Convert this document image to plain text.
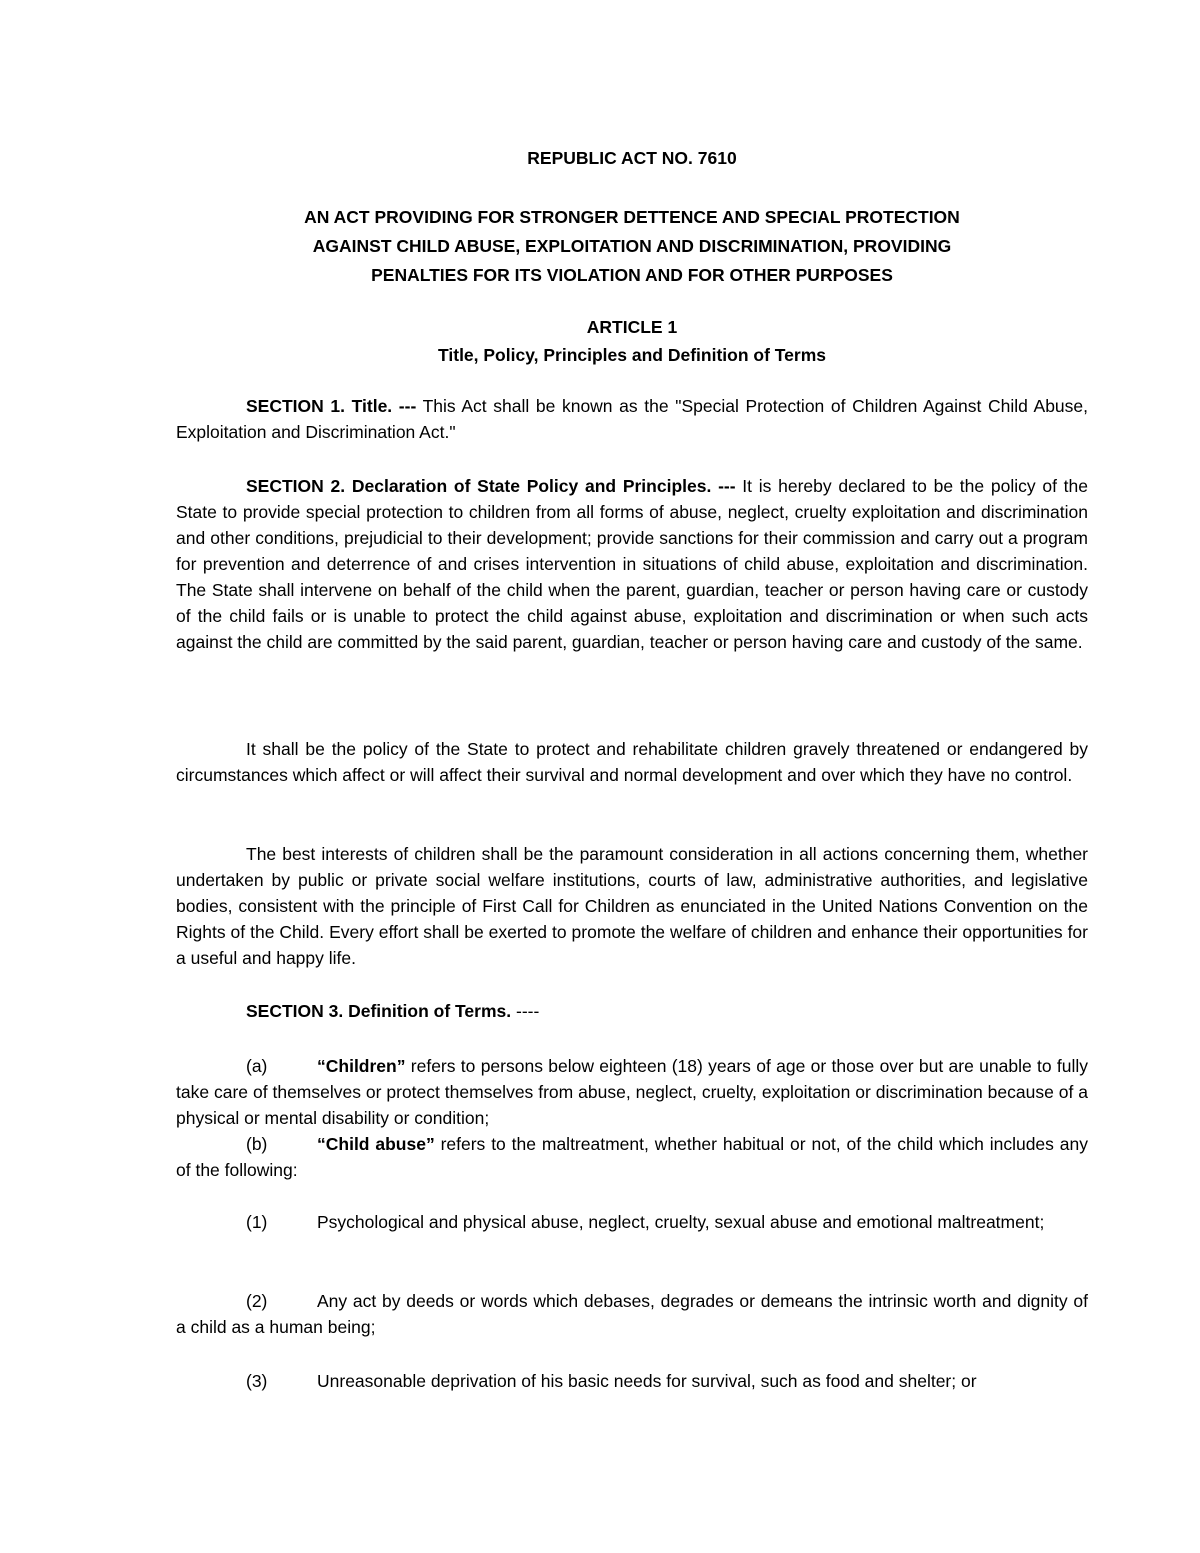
REPUBLIC ACT NO. 7610
AN ACT PROVIDING FOR STRONGER DETTENCE AND SPECIAL PROTECTION
AGAINST CHILD ABUSE, EXPLOITATION AND DISCRIMINATION, PROVIDING
PENALTIES FOR ITS VIOLATION AND FOR OTHER PURPOSES
ARTICLE 1
Title, Policy, Principles and Definition of Terms
SECTION 1. Title. --- This Act shall be known as the "Special Protection of Children Against Child Abuse, Exploitation and Discrimination Act."
SECTION 2. Declaration of State Policy and Principles. --- It is hereby declared to be the policy of the State to provide special protection to children from all forms of abuse, neglect, cruelty exploitation and discrimination and other conditions, prejudicial to their development; provide sanctions for their commission and carry out a program for prevention and deterrence of and crises intervention in situations of child abuse, exploitation and discrimination. The State shall intervene on behalf of the child when the parent, guardian, teacher or person having care or custody of the child fails or is unable to protect the child against abuse, exploitation and discrimination or when such acts against the child are committed by the said parent, guardian, teacher or person having care and custody of the same.
It shall be the policy of the State to protect and rehabilitate children gravely threatened or endangered by circumstances which affect or will affect their survival and normal development and over which they have no control.
The best interests of children shall be the paramount consideration in all actions concerning them, whether undertaken by public or private social welfare institutions, courts of law, administrative authorities, and legislative bodies, consistent with the principle of First Call for Children as enunciated in the United Nations Convention on the Rights of the Child. Every effort shall be exerted to promote the welfare of children and enhance their opportunities for a useful and happy life.
SECTION 3. Definition of Terms. ----
(a)	“Children” refers to persons below eighteen (18) years of age or those over but are unable to fully take care of themselves or protect themselves from abuse, neglect, cruelty, exploitation or discrimination because of a physical or mental disability or condition;
(b)	“Child abuse” refers to the maltreatment, whether habitual or not, of the child which includes any of the following:
(1)	Psychological and physical abuse, neglect, cruelty, sexual abuse and emotional maltreatment;
(2)	Any act by deeds or words which debases, degrades or demeans the intrinsic worth and dignity of a child as a human being;
(3)	Unreasonable deprivation of his basic needs for survival, such as food and shelter; or
